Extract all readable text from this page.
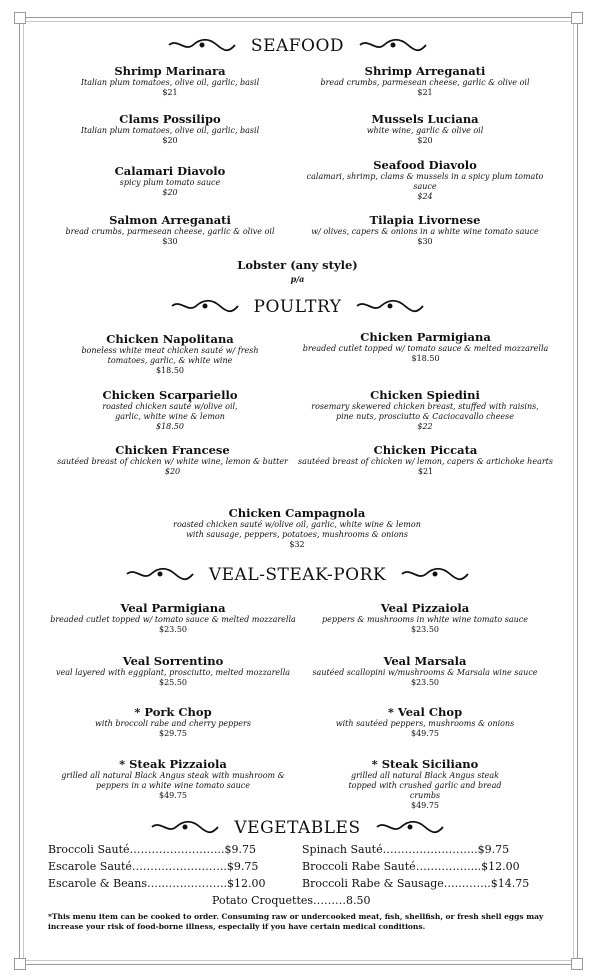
SEAFOOD
Shrimp Marinara
Italian plum tomatoes, olive oil, garlic, basil
$21
Shrimp Arreganati
bread crumbs, parmesean cheese, garlic & olive oil
$21
Clams Possilipo
Italian plum tomatoes, olive oil, garlic, basil
$20
Mussels Luciana
white wine, garlic & olive oil
$20
Calamari Diavolo
spicy plum tomato sauce
$20
Seafood Diavolo
calamari, shrimp, clams & mussels in a spicy plum tomato sauce
$24
Salmon Arreganati
bread crumbs, parmesean cheese, garlic & olive oil
$30
Tilapia Livornese
w/ olives, capers & onions in a white wine tomato sauce
$30
Lobster (any style)
p/a
POULTRY
Chicken Napolitana
boneless white meat chicken sauté w/ fresh tomatoes, garlic, & white wine
$18.50
Chicken Parmigiana
breaded cutlet topped w/ tomato sauce & melted mozzarella
$18.50
Chicken Scarpariello
roasted chicken sauté w/olive oil, garlic, white wine & lemon
$18.50
Chicken Spiedini
rosemary skewered chicken breast, stuffed with raisins, pine nuts, prosciutto & Caciocavallo cheese
$22
Chicken Francese
sautéed breast of chicken w/ white wine, lemon & butter
$20
Chicken Piccata
sautéed breast of chicken w/ lemon, capers & artichoke hearts
$21
Chicken Campagnola
roasted chicken sauté w/olive oil, garlic, white wine & lemon with sausage, peppers, potatoes, mushrooms & onions
$32
VEAL-STEAK-PORK
Veal Parmigiana
breaded cutlet topped w/ tomato sauce & melted mozzarella
$23.50
Veal Pizzaiola
peppers & mushrooms in white wine tomato sauce
$23.50
Veal Sorrentino
veal layered with eggplant, prosciutto, melted mozzarella
$25.50
Veal Marsala
sautéed scallopini w/mushrooms & Marsala wine sauce
$23.50
* Pork Chop
with broccoli rabe and cherry peppers
$29.75
* Veal Chop
with sautéed peppers, mushrooms & onions
$49.75
* Steak Pizzaiola
grilled all natural Black Angus steak with mushroom & peppers in a white wine tomato sauce
$49.75
* Steak Siciliano
grilled all natural Black Angus steak topped with crushed garlic and bread crumbs
$49.75
VEGETABLES
Broccoli Sauté……………………..$9.75	Spinach Sauté……………………..$9.75
Escarole Sauté……………………..$9.75	Broccoli Rabe Sauté……………...$12.00
Escarole & Beans…..……………..$12.00	Broccoli Rabe & Sausage…..……..$14.75
Potato Croquettes………8.50
*This menu item can be cooked to order. Consuming raw or undercooked meat, fish, shellfish, or fresh shell eggs may increase your risk of food-borne illness, especially if you have certain medical conditions.
